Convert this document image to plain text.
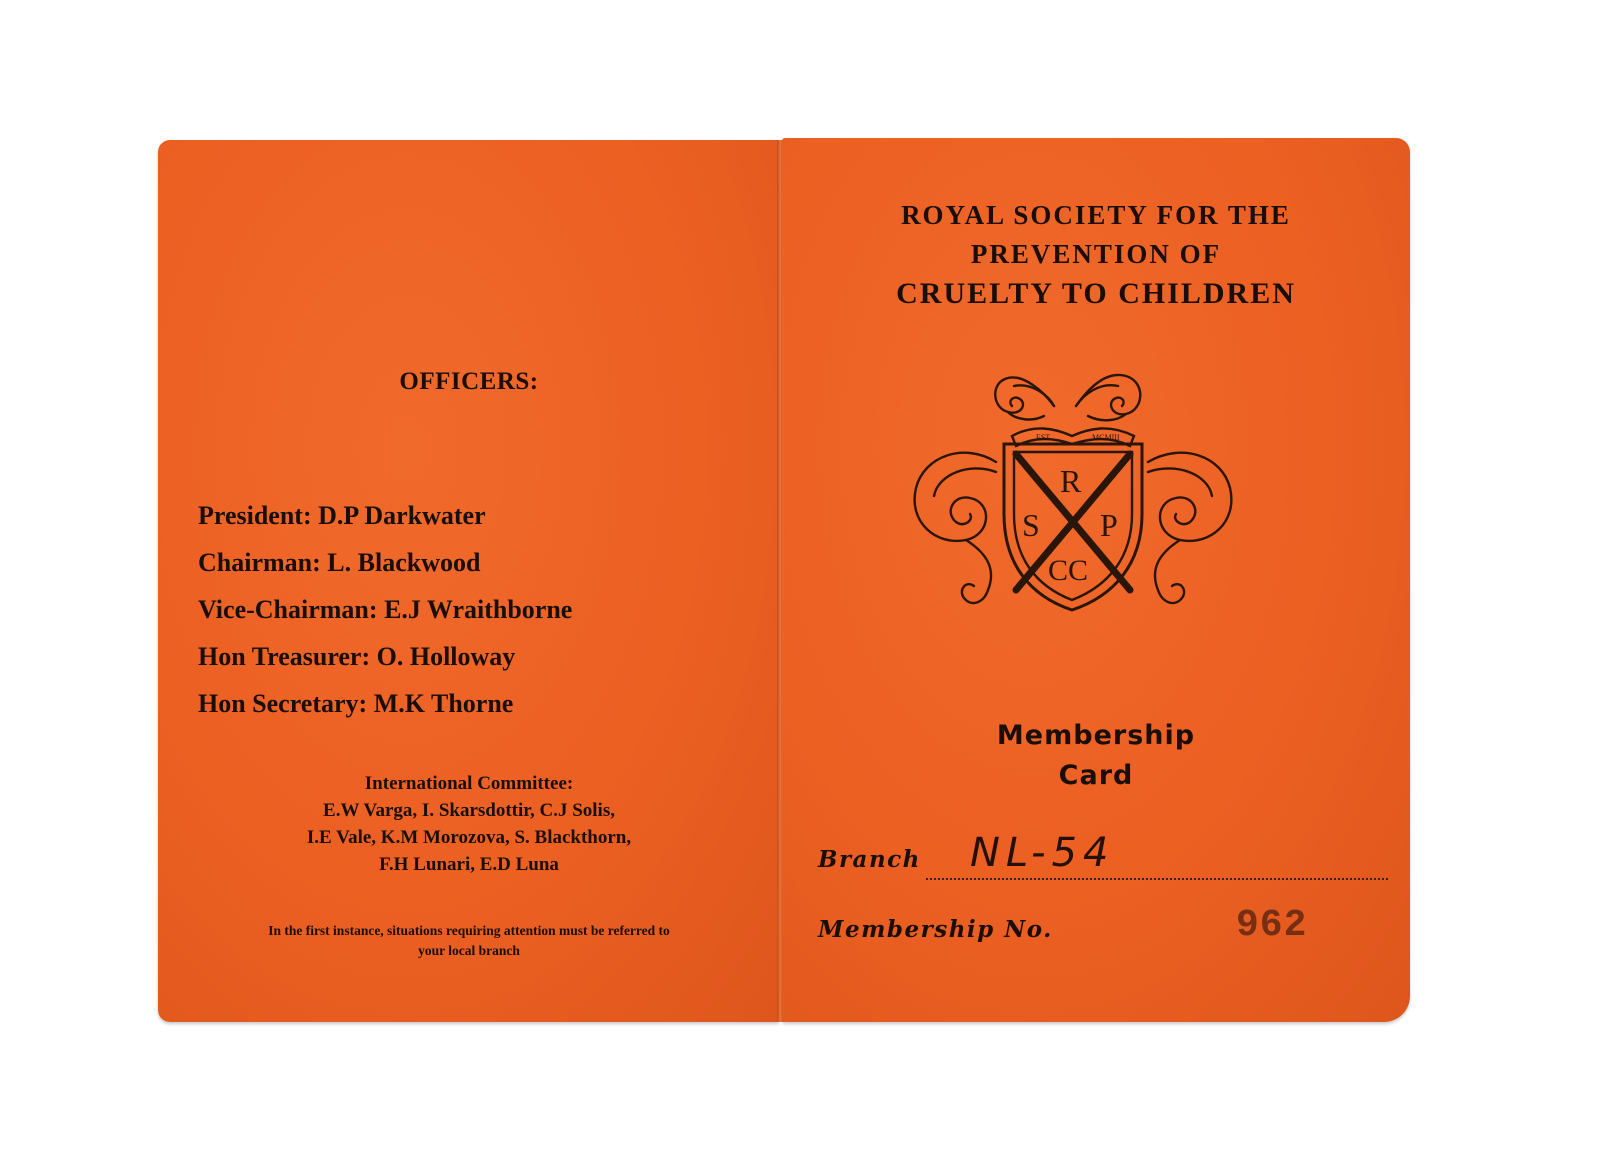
OFFICERS:
President: D.P Darkwater
Chairman: L. Blackwood
Vice-Chairman: E.J Wraithborne
Hon Treasurer: O. Holloway
Hon Secretary: M.K Thorne
International Committee:
E.W Varga, I. Skarsdottir, C.J Solis,
I.E Vale, K.M Morozova, S. Blackthorn,
F.H Lunari, E.D Luna
In the first instance, situations requiring attention must be referred to
your local branch
ROYAL SOCIETY FOR THE
PREVENTION OF
CRUELTY TO CHILDREN
EST	MCMIII
R
S P
CC
Membership
Card
Branch NL-54
Membership No.	962
